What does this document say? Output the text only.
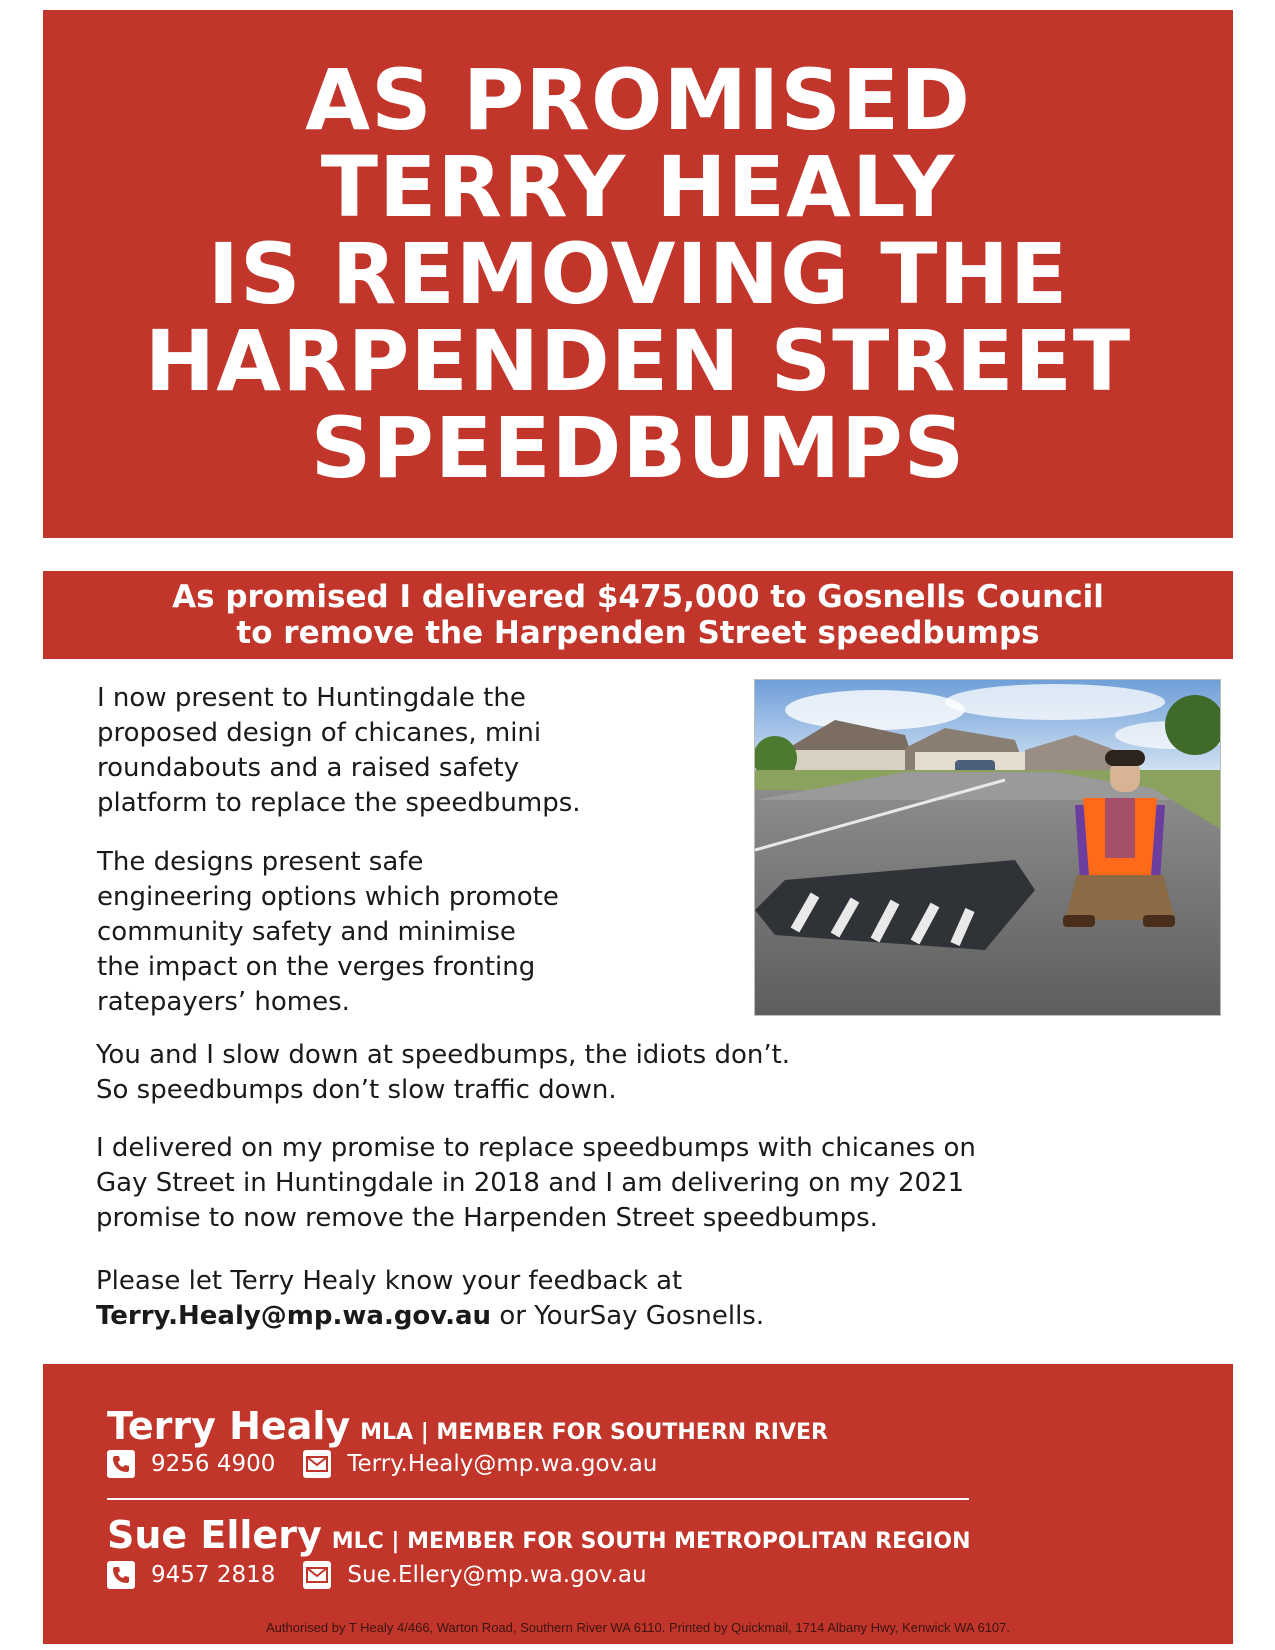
AS PROMISED
TERRY HEALY
IS REMOVING THE
HARPENDEN STREET
SPEEDBUMPS
As promised I delivered $475,000 to Gosnells Council
to remove the Harpenden Street speedbumps

I now present to Huntingdale the
proposed design of chicanes, mini
roundabouts and a raised safety
platform to replace the speedbumps.

The designs present safe
engineering options which promote
community safety and minimise
the impact on the verges fronting
ratepayers’ homes.

You and I slow down at speedbumps, the idiots don’t.
So speedbumps don’t slow traffic down.

I delivered on my promise to replace speedbumps with chicanes on
Gay Street in Huntingdale in 2018 and I am delivering on my 2021
promise to now remove the Harpenden Street speedbumps.

Please let Terry Healy know your feedback at
Terry.Healy@mp.wa.gov.au or YourSay Gosnells.

Terry Healy MLA | MEMBER FOR SOUTHERN RIVER
9256 4900	Terry.Healy@mp.wa.gov.au
Sue Ellery MLC | MEMBER FOR SOUTH METROPOLITAN REGION
9457 2818	Sue.Ellery@mp.wa.gov.au
Authorised by T Healy 4/466, Warton Road, Southern River WA 6110. Printed by Quickmail, 1714 Albany Hwy, Kenwick WA 6107.
